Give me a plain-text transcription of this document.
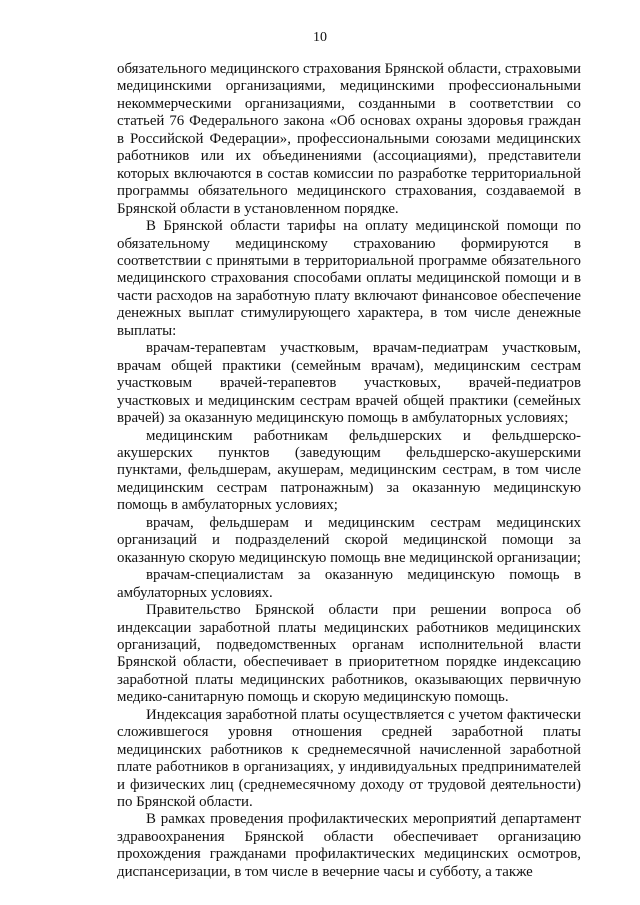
10

обязательного медицинского страхования Брянской области, страховыми медицинскими организациями, медицинскими профессиональными некоммерческими организациями, созданными в соответствии со статьей 76 Федерального закона «Об основах охраны здоровья граждан в Российской Федерации», профессиональными союзами медицинских работников или их объединениями (ассоциациями), представители которых включаются в состав комиссии по разработке территориальной программы обязательного медицинского страхования, создаваемой в Брянской области в установленном порядке.

В Брянской области тарифы на оплату медицинской помощи по обязательному медицинскому страхованию формируются в соответствии с принятыми в территориальной программе обязательного медицинского страхования способами оплаты медицинской помощи и в части расходов на заработную плату включают финансовое обеспечение денежных выплат стимулирующего характера, в том числе денежные выплаты:

врачам-терапевтам участковым, врачам-педиатрам участковым, врачам общей практики (семейным врачам), медицинским сестрам участковым врачей-терапевтов участковых, врачей-педиатров участковых и медицинским сестрам врачей общей практики (семейных врачей) за оказанную медицинскую помощь в амбулаторных условиях;

медицинским работникам фельдшерских и фельдшерско-акушерских пунктов (заведующим фельдшерско-акушерскими пунктами, фельдшерам, акушерам, медицинским сестрам, в том числе медицинским сестрам патронажным) за оказанную медицинскую помощь в амбулаторных условиях;

врачам, фельдшерам и медицинским сестрам медицинских организаций и подразделений скорой медицинской помощи за оказанную скорую медицинскую помощь вне медицинской организации;

врачам-специалистам за оказанную медицинскую помощь в амбулаторных условиях.

Правительство Брянской области при решении вопроса об индексации заработной платы медицинских работников медицинских организаций, подведомственных органам исполнительной власти Брянской области, обеспечивает в приоритетном порядке индексацию заработной платы медицинских работников, оказывающих первичную медико-санитарную помощь и скорую медицинскую помощь.

Индексация заработной платы осуществляется с учетом фактически сложившегося уровня отношения средней заработной платы медицинских работников к среднемесячной начисленной заработной плате работников в организациях, у индивидуальных предпринимателей и физических лиц (среднемесячному доходу от трудовой деятельности) по Брянской области.

В рамках проведения профилактических мероприятий департамент здравоохранения Брянской области обеспечивает организацию прохождения гражданами профилактических медицинских осмотров, диспансеризации, в том числе в вечерние часы и субботу, а также
